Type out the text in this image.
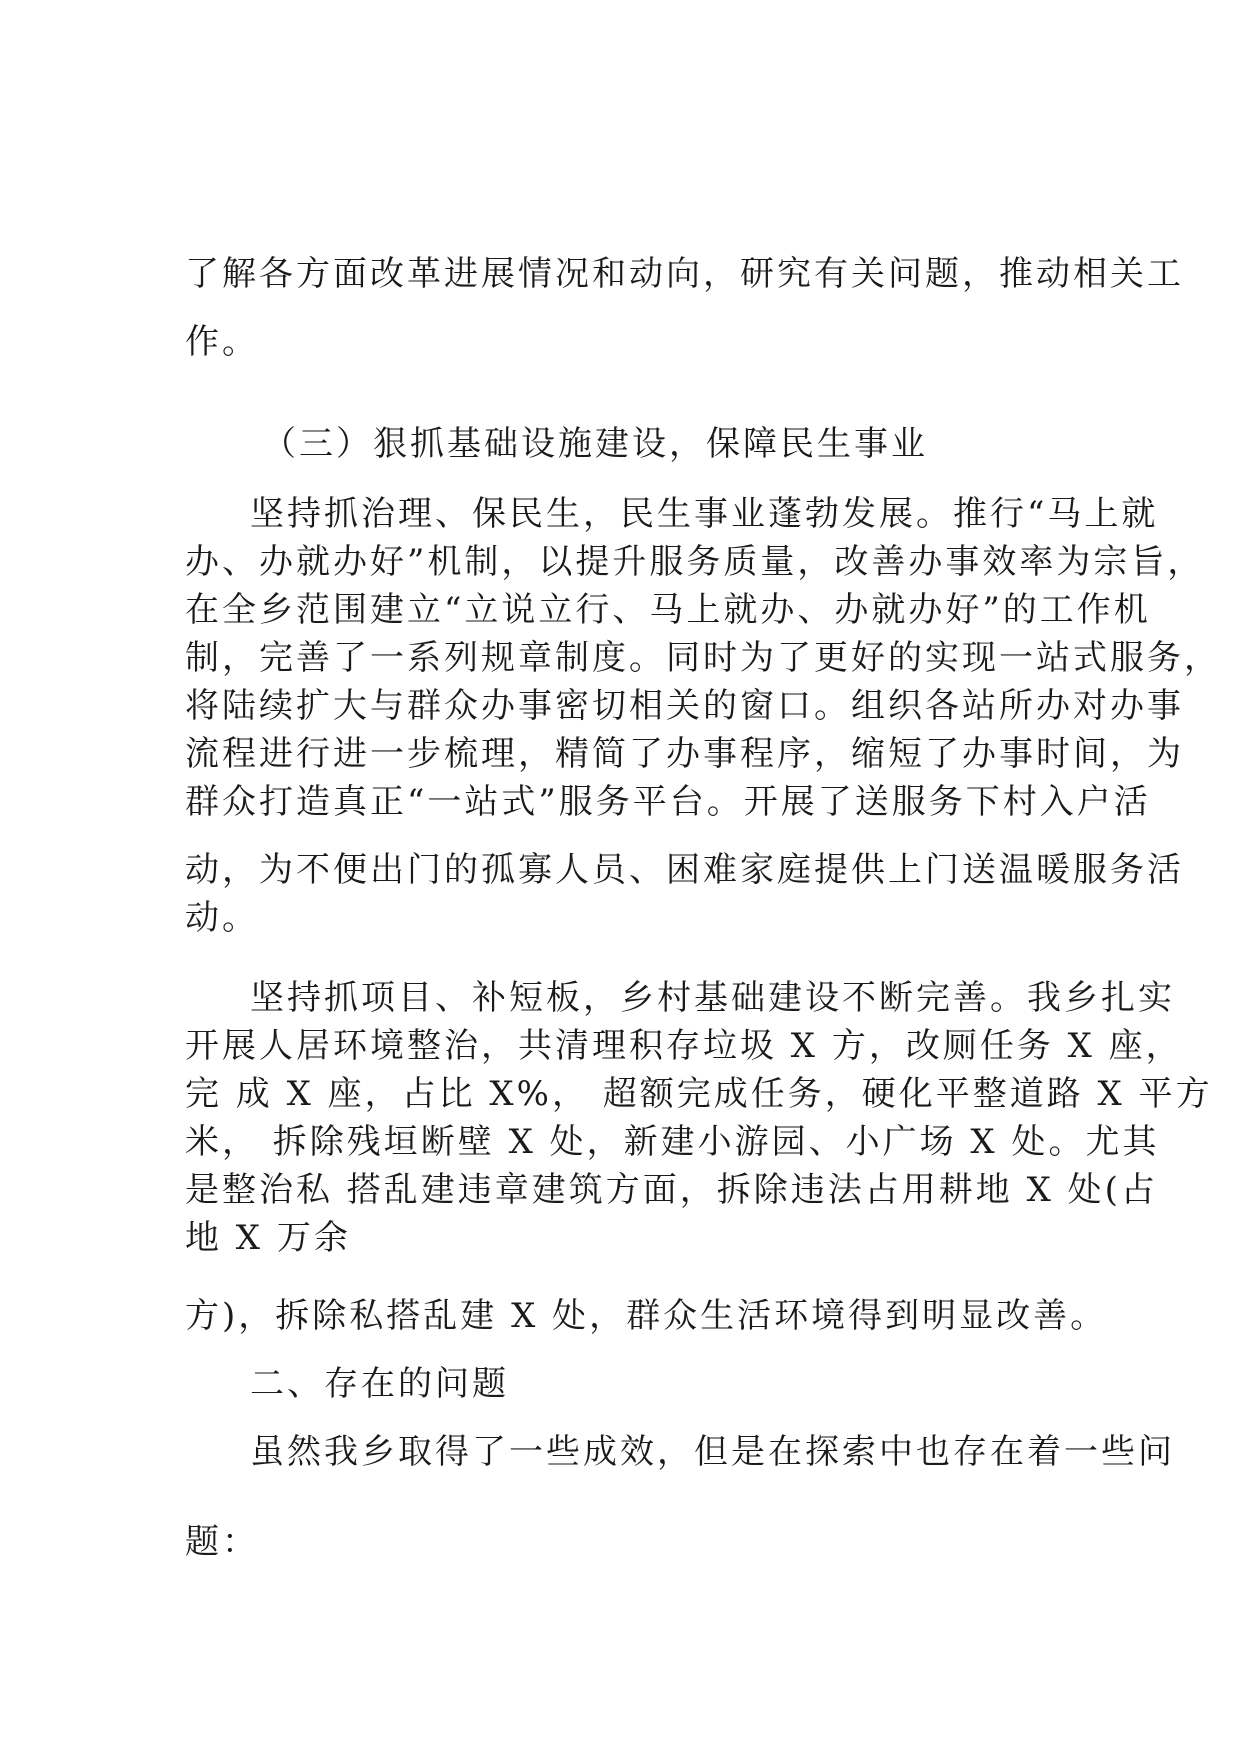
了解各方面改革进展情况和动向，研究有关问题，推动相关工
作。
（三）狠抓基础设施建设，保障民生事业
坚持抓治理、保民生，民生事业蓬勃发展。推行“马上就
办、办就办好”机制，以提升服务质量，改善办事效率为宗旨，
在全乡范围建立“立说立行、马上就办、办就办好”的工作机
制，完善了一系列规章制度。同时为了更好的实现一站式服务，
将陆续扩大与群众办事密切相关的窗口。组织各站所办对办事
流程进行进一步梳理，精简了办事程序，缩短了办事时间，为
群众打造真正“一站式”服务平台。开展了送服务下村入户活
动，为不便出门的孤寡人员、困难家庭提供上门送温暖服务活
动。
坚持抓项目、补短板，乡村基础建设不断完善。我乡扎实
开展人居环境整治，共清理积存垃圾 X 方，改厕任务 X 座，
完 成 X 座，占比 X%， 超额完成任务，硬化平整道路 X 平方
米， 拆除残垣断壁 X 处，新建小游园、小广场 X 处。尤其
是整治私 搭乱建违章建筑方面，拆除违法占用耕地 X 处(占
地 X 万余
方)，拆除私搭乱建 X 处，群众生活环境得到明显改善。
二、存在的问题
虽然我乡取得了一些成效，但是在探索中也存在着一些问
题：
